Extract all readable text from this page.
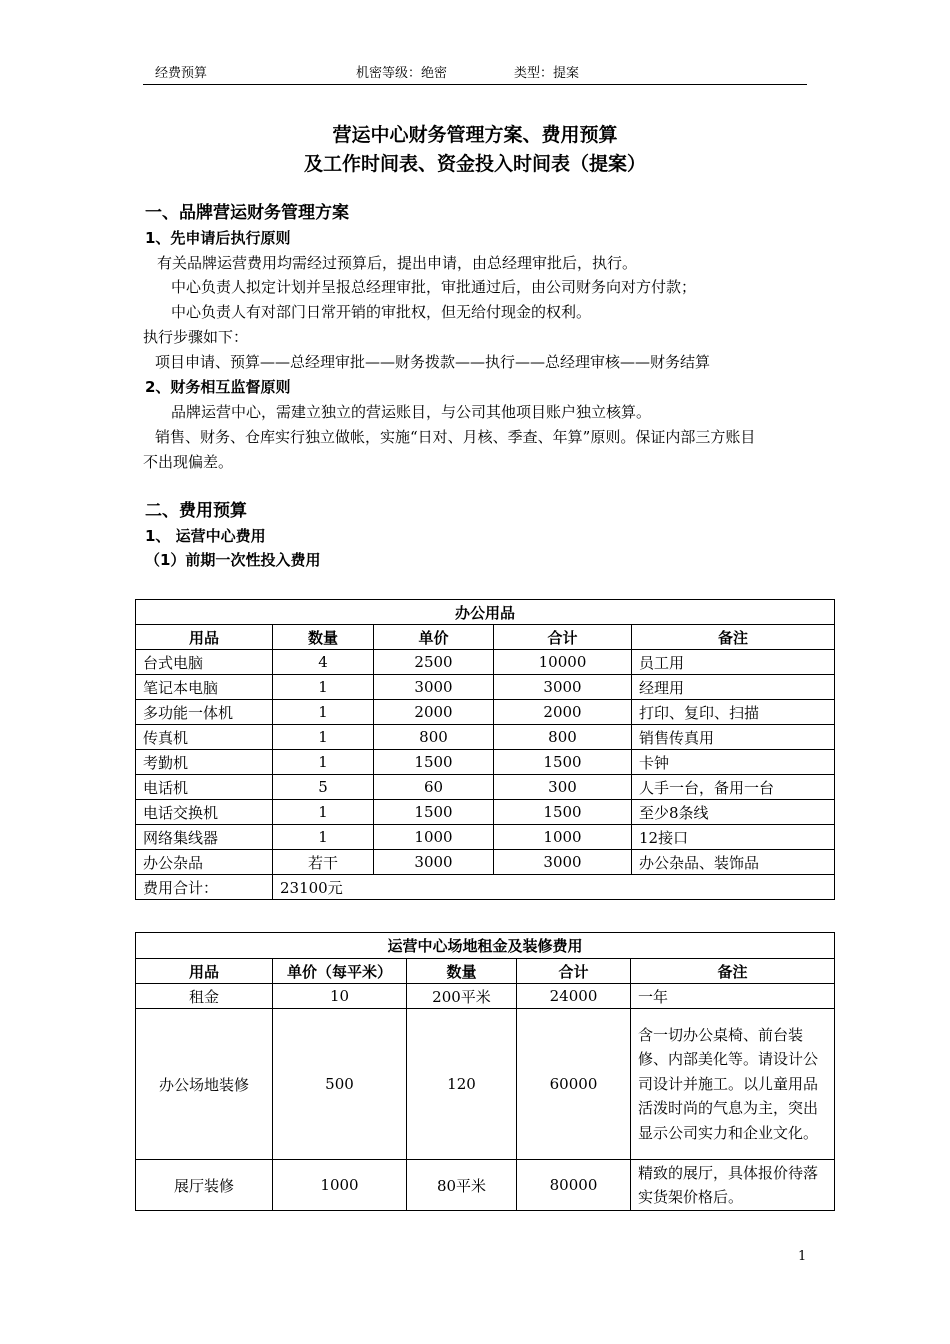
经费预算	机密等级：绝密	类型：提案
营运中心财务管理方案、费用预算
及工作时间表、资金投入时间表（提案）
一、品牌营运财务管理方案
1、先申请后执行原则
有关品牌运营费用均需经过预算后，提出申请，由总经理审批后，执行。
中心负责人拟定计划并呈报总经理审批，审批通过后，由公司财务向对方付款；
中心负责人有对部门日常开销的审批权，但无给付现金的权利。
执行步骤如下：
项目申请、预算——总经理审批——财务拨款——执行——总经理审核——财务结算
2、财务相互监督原则
品牌运营中心，需建立独立的营运账目，与公司其他项目账户独立核算。
销售、财务、仓库实行独立做帐，实施“日对、月核、季查、年算”原则。保证内部三方账目
不出现偏差。
二、费用预算
1、 运营中心费用
（1）前期一次性投入费用
办公用品				
用品	数量	单价	合计	备注
台式电脑	4	2500	10000	员工用
笔记本电脑	1	3000	3000	经理用
多功能一体机	1	2000	2000	打印、复印、扫描
传真机	1	800	800	销售传真用
考勤机	1	1500	1500	卡钟
电话机	5	60	300	人手一台，备用一台
电话交换机	1	1500	1500	至少8条线
网络集线器	1	1000	1000	12接口
办公杂品	若干	3000	3000	办公杂品、装饰品
费用合计：	23100元			
运营中心场地租金及装修费用				
用品	单价（每平米）	数量	合计	备注
租金	10	200平米	24000	一年
办公场地装修	500	120	60000	含一切办公桌椅、前台装修、内部美化等。请设计公司设计并施工。以儿童用品活泼时尚的气息为主，突出显示公司实力和企业文化。
展厅装修	1000	80平米	80000	精致的展厅，具体报价待落实货架价格后。
1
